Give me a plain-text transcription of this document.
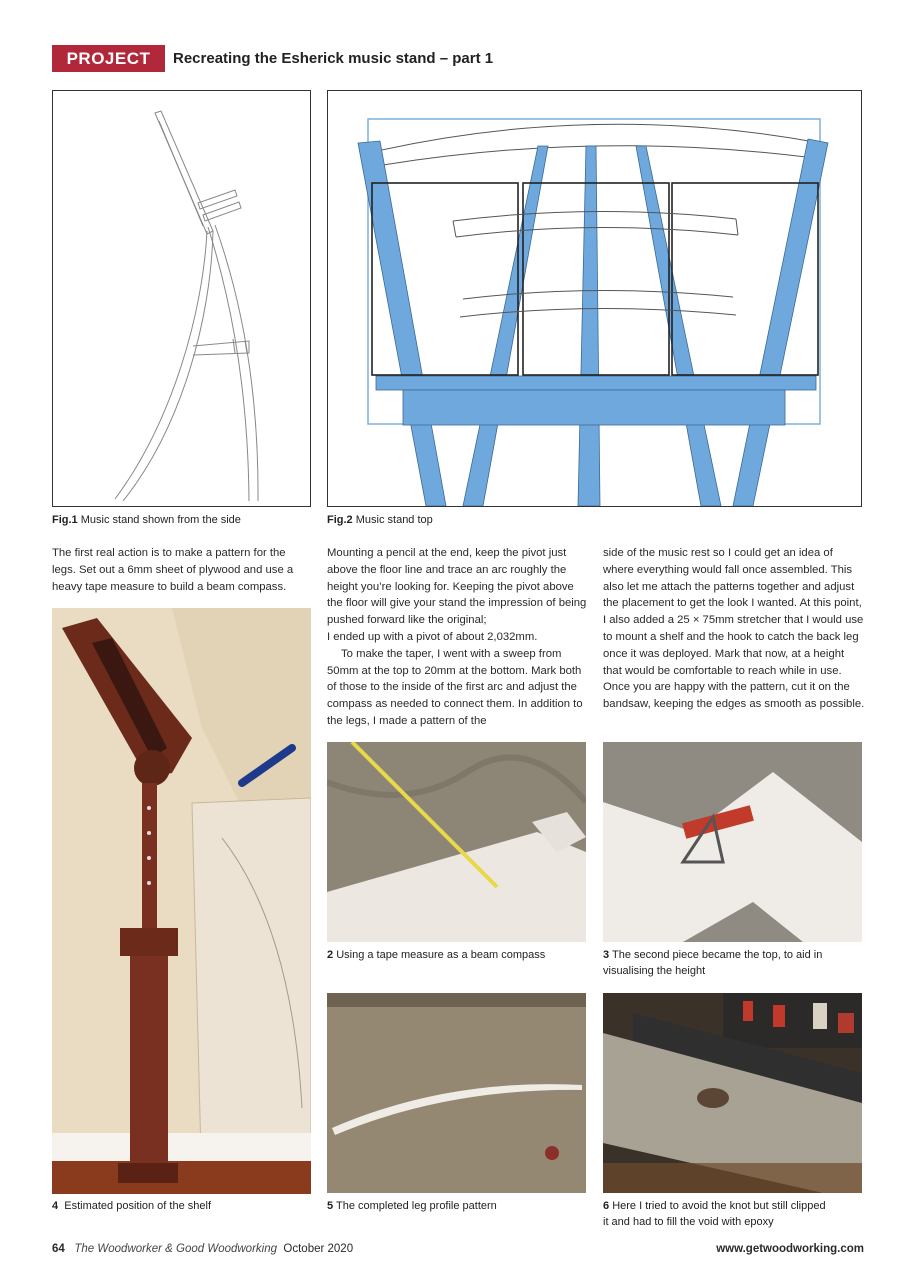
PROJECT	Recreating the Esherick music stand – part 1
Fig.1 Music stand shown from the side	Fig.2 Music stand top
The first real action is to make a pattern for the legs. Set out a 6mm sheet of plywood and use a heavy tape measure to build a beam compass.
4 Estimated position of the shelf

Mounting a pencil at the end, keep the pivot just above the floor line and trace an arc roughly the height you’re looking for. Keeping the pivot above the floor will give your stand the impression of being pushed forward like the original;

I ended up with a pivot of about 2,032mm.

To make the taper, I went with a sweep from 50mm at the top to 20mm at the bottom. Mark both of those to the inside of the first arc and adjust the compass as needed to connect them. In addition to the legs, I made a pattern of the

side of the music rest so I could get an idea of where everything would fall once assembled. This also let me attach the patterns together and adjust the placement to get the look I wanted. At this point, I also added a 25 × 75mm stretcher that I would use to mount a shelf and the hook to catch the back leg once it was deployed. Mark that now, at a height that would be comfortable to reach while in use. Once you are happy with the pattern, cut it on the bandsaw, keeping the edges as smooth as possible.
2 Using a tape measure as a beam compass	3 The second piece became the top, to aid in visualising the height
5 The completed leg profile pattern	6 Here I tried to avoid the knot but still clipped it and had to fill the void with epoxy
64 The Woodworker & Good Woodworking October 2020	www.getwoodworking.com
